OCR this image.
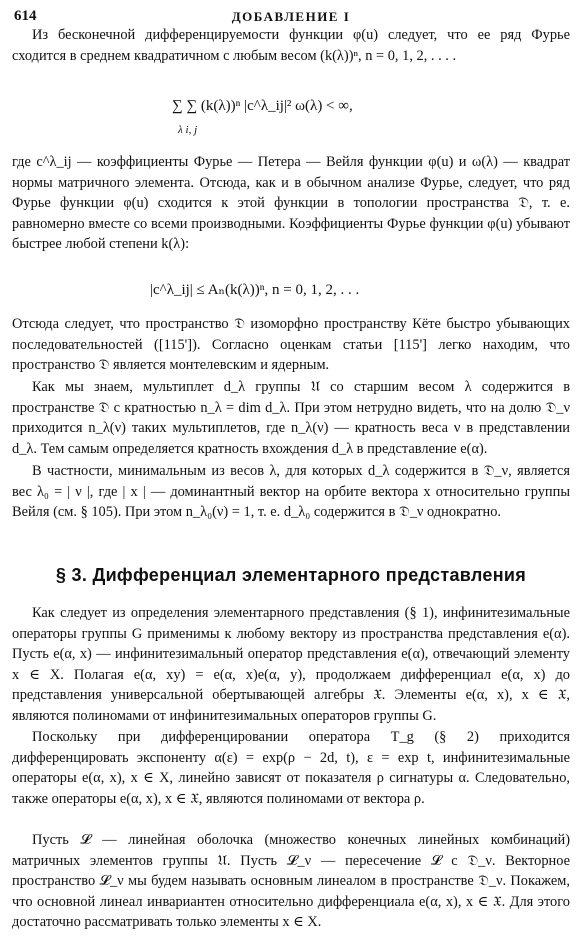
614	ДОБАВЛЕНИЕ I

Из бесконечной дифференцируемости функции φ(u) следует, что ее ряд Фурье сходится в среднем квадратичном с любым весом (k(λ))ⁿ, n = 0, 1, 2, . . . .

∑ ∑ (k(λ))ⁿ |c^λ_ij|² ω(λ) < ∞,
λ i, j

где c^λ_ij — коэффициенты Фурье — Петера — Вейля функции φ(u) и ω(λ) — квадрат нормы матричного элемента. Отсюда, как и в обычном анализе Фурье, следует, что ряд Фурье функции φ(u) сходится к этой функции в топологии пространства 𝔇, т. е. равномерно вместе со всеми производными. Коэффициенты Фурье функции φ(u) убывают быстрее любой степени k(λ):

|c^λ_ij| ≤ Aₙ(k(λ))ⁿ, n = 0, 1, 2, . . .

Отсюда следует, что пространство 𝔇 изоморфно пространству Кёте быстро убывающих последовательностей ([115']). Согласно оценкам статьи [115'] легко находим, что пространство 𝔇 является монтелевским и ядерным.

Как мы знаем, мультиплет d_λ группы 𝔘 со старшим весом λ содержится в пространстве 𝔇 с кратностью n_λ = dim d_λ. При этом нетрудно видеть, что на долю 𝔇_ν приходится n_λ(ν) таких мультиплетов, где n_λ(ν) — кратность веса ν в представлении d_λ. Тем самым определяется кратность вхождения d_λ в представление e(α).

В частности, минимальным из весов λ, для которых d_λ содержится в 𝔇_ν, является вес λ₀ = | ν |, где | x | — доминантный вектор на орбите вектора x относительно группы Вейля (см. § 105). При этом n_λ₀(ν) = 1, т. е. d_λ₀ содержится в 𝔇_ν однократно.

§ 3. Дифференциал элементарного представления

Как следует из определения элементарного представления (§ 1), инфинитезимальные операторы группы G применимы к любому вектору из пространства представления e(α). Пусть e(α, x) — инфинитезимальный оператор представления e(α), отвечающий элементу x ∈ X. Полагая e(α, xy) = e(α, x)e(α, y), продолжаем дифференциал e(α, x) до представления универсальной обертывающей алгебры 𝔛. Элементы e(α, x), x ∈ 𝔛, являются полиномами от инфинитезимальных операторов группы G.

Поскольку при дифференцировании оператора T_g (§ 2) приходится дифференцировать экспоненту α(ε) = exp(ρ − 2d, t), ε = exp t, инфинитезимальные операторы e(α, x), x ∈ X, линейно зависят от показателя ρ сигнатуры α. Следовательно, также операторы e(α, x), x ∈ 𝔛, являются полиномами от вектора ρ.

Пусть 𝓛 — линейная оболочка (множество конечных линейных комбинаций) матричных элементов группы 𝔘. Пусть 𝓛_ν — пересечение 𝓛 с 𝔇_ν. Векторное пространство 𝓛_ν мы будем называть основным линеалом в пространстве 𝔇_ν. Покажем, что основной линеал инвариантен относительно дифференциала e(α, x), x ∈ 𝔛. Для этого достаточно рассматривать только элементы x ∈ X.
